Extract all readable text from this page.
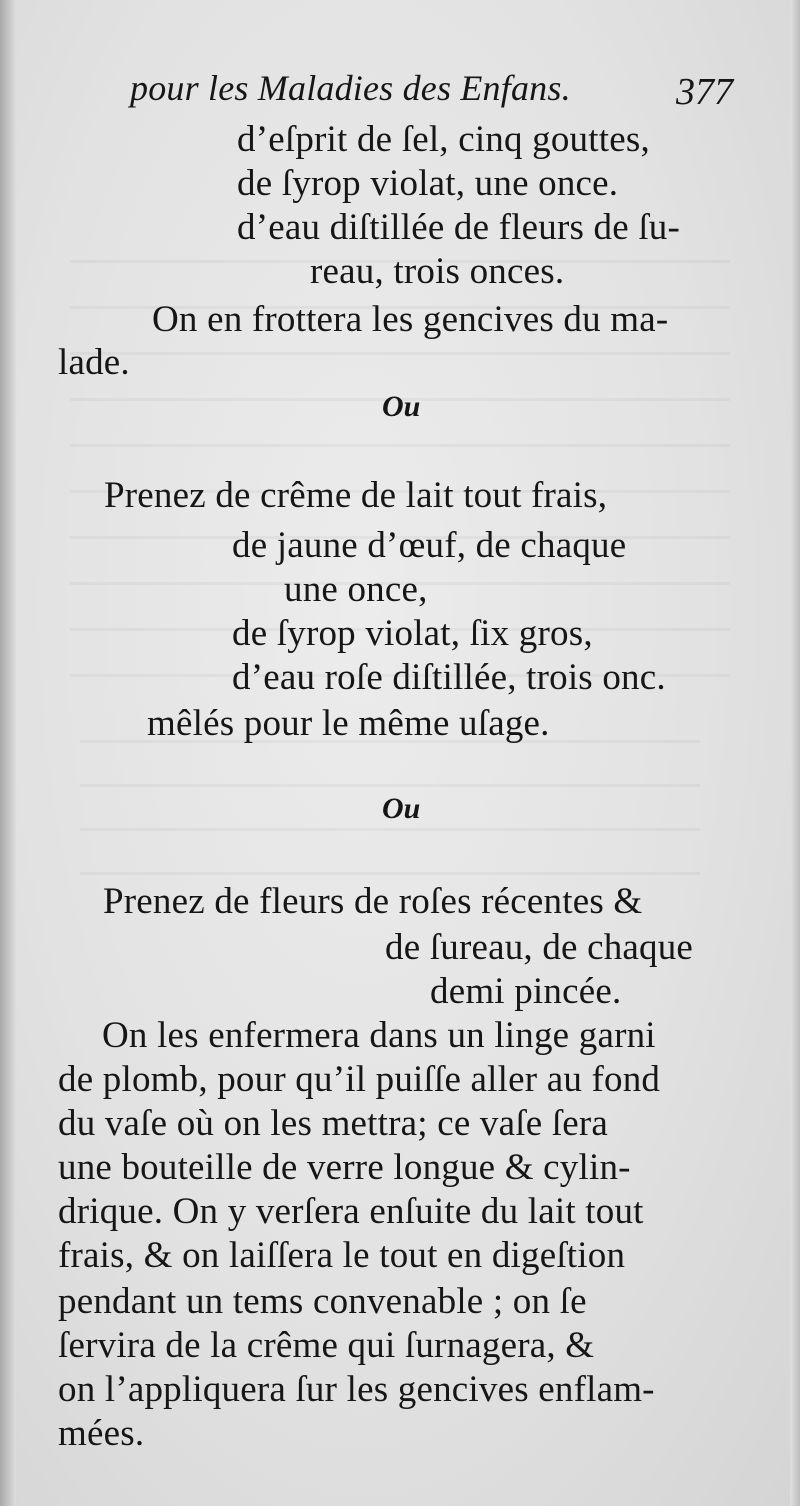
pour les Maladies des Enfans.	377
d’eſprit de ſel, cinq gouttes,
de ſyrop violat, une once.
d’eau diſtillée de fleurs de ſu-
reau, trois onces.
On en frottera les gencives du ma-
lade.
Ou
Prenez de crême de lait tout frais,
de jaune d’œuf, de chaque
une once,
de ſyrop violat, ſix gros,
d’eau roſe diſtillée, trois onc.
mêlés pour le même uſage.
Ou
Prenez de fleurs de roſes récentes &
de ſureau, de chaque
demi pincée.
On les enfermera dans un linge garni
de plomb, pour qu’il puiſſe aller au fond
du vaſe où on les mettra; ce vaſe ſera
une bouteille de verre longue & cylin-
drique. On y verſera enſuite du lait tout
frais, & on laiſſera le tout en digeſtion
pendant un tems convenable ; on ſe
ſervira de la crême qui ſurnagera, &
on l’appliquera ſur les gencives enflam-
mées.
